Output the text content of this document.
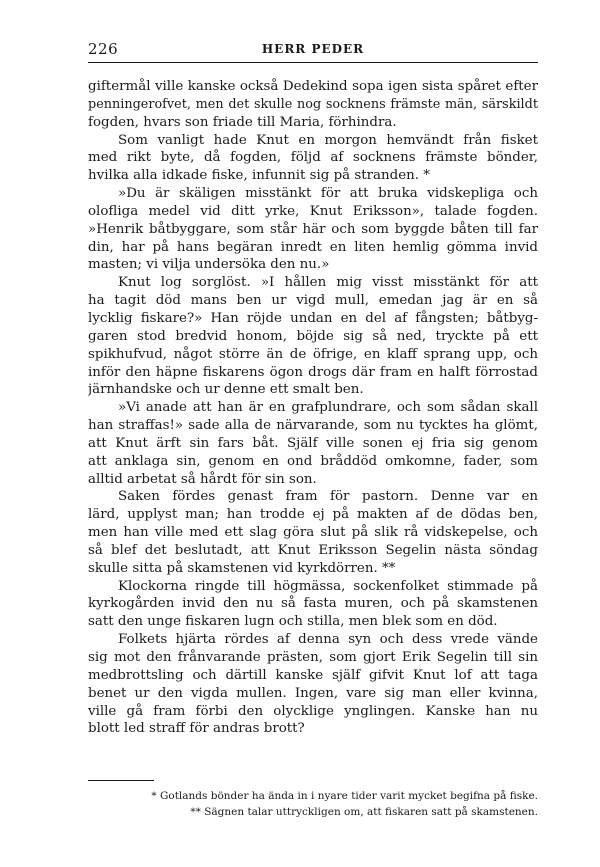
226	HERR PEDER
giftermål ville kanske också Dedekind sopa igen sista spåret efter
penningerofvet, men det skulle nog socknens främste män, särskildt
fogden, hvars son friade till Maria, förhindra.
Som vanligt hade Knut en morgon hemvändt från fisket
med rikt byte, då fogden, följd af socknens främste bönder,
hvilka alla idkade fiske, infunnit sig på stranden. *
»Du är skäligen misstänkt för att bruka vidskepliga och
olofliga medel vid ditt yrke, Knut Eriksson», talade fogden.
»Henrik båtbyggare, som står här och som byggde båten till far
din, har på hans begäran inredt en liten hemlig gömma invid
masten; vi vilja undersöka den nu.»
Knut log sorglöst. »I hållen mig visst misstänkt för att
ha tagit död mans ben ur vigd mull, emedan jag är en så
lycklig fiskare?» Han röjde undan en del af fångsten; båtbyg-
garen stod bredvid honom, böjde sig så ned, tryckte på ett
spikhufvud, något större än de öfrige, en klaff sprang upp, och
inför den häpne fiskarens ögon drogs där fram en halft förrostad
järnhandske och ur denne ett smalt ben.
»Vi anade att han är en grafplundrare, och som sådan skall
han straffas!» sade alla de närvarande, som nu tycktes ha glömt,
att Knut ärft sin fars båt. Själf ville sonen ej fria sig genom
att anklaga sin, genom en ond bråddöd omkomne, fader, som
alltid arbetat så hårdt för sin son.
Saken fördes genast fram för pastorn. Denne var en
lärd, upplyst man; han trodde ej på makten af de dödas ben,
men han ville med ett slag göra slut på slik rå vidskepelse, och
så blef det beslutadt, att Knut Eriksson Segelin nästa söndag
skulle sitta på skamstenen vid kyrkdörren. **
Klockorna ringde till högmässa, sockenfolket stimmade på
kyrkogården invid den nu så fasta muren, och på skamstenen
satt den unge fiskaren lugn och stilla, men blek som en död.
Folkets hjärta rördes af denna syn och dess vrede vände
sig mot den frånvarande prästen, som gjort Erik Segelin till sin
medbrottsling och därtill kanske själf gifvit Knut lof att taga
benet ur den vigda mullen. Ingen, vare sig man eller kvinna,
ville gå fram förbi den olycklige ynglingen. Kanske han nu
blott led straff för andras brott?
* Gotlands bönder ha ända in i nyare tider varit mycket begifna på fiske.
** Sägnen talar uttryckligen om, att fiskaren satt på skamstenen.
